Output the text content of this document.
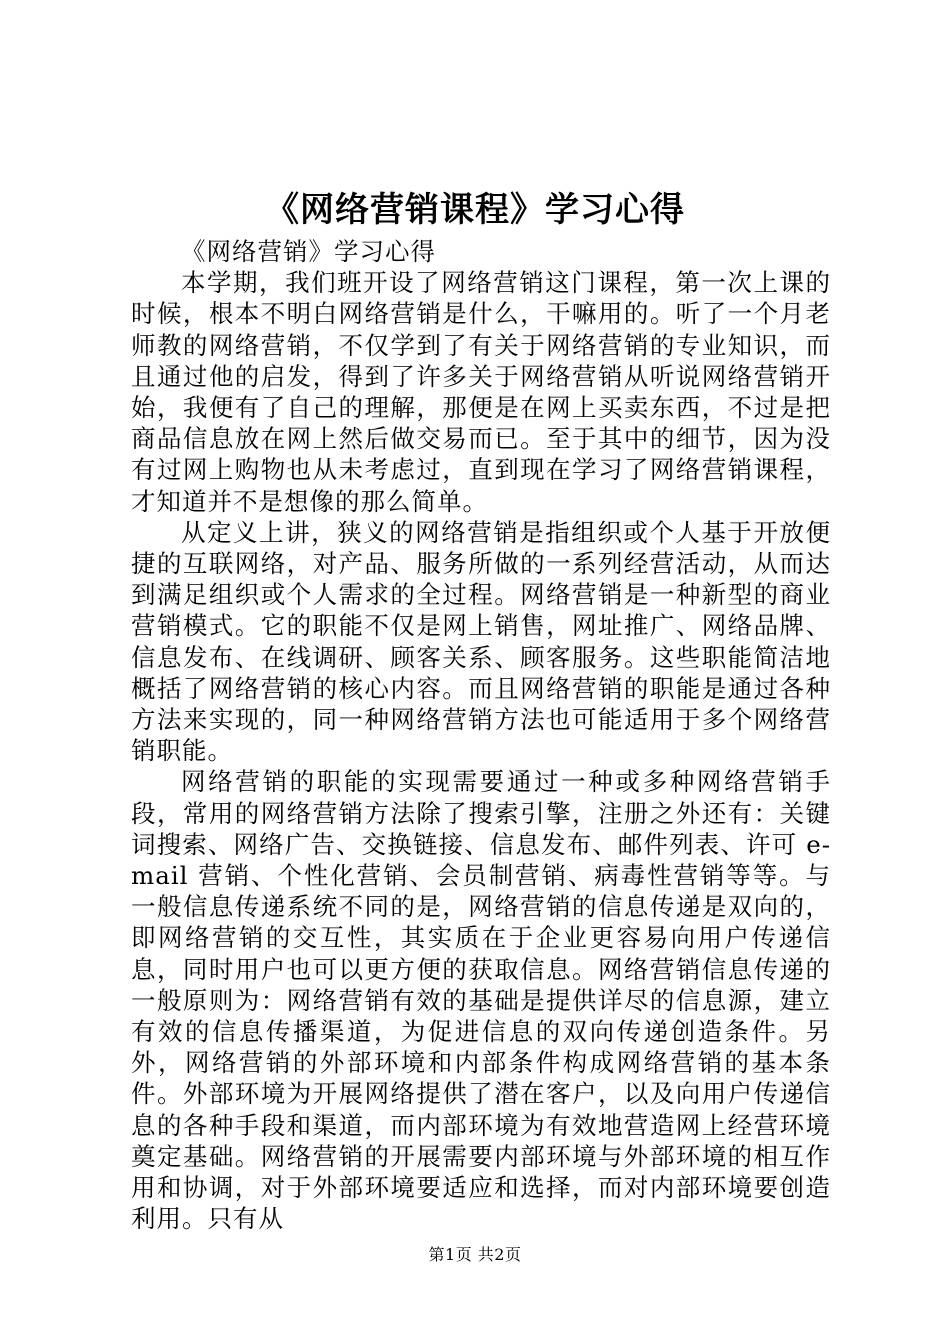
《网络营销课程》学习心得

《网络营销》学习心得

本学期，我们班开设了网络营销这门课程，第一次上课的时候，根本不明白网络营销是什么，干嘛用的。听了一个月老师教的网络营销，不仅学到了有关于网络营销的专业知识，而且通过他的启发，得到了许多关于网络营销从听说网络营销开始，我便有了自己的理解，那便是在网上买卖东西，不过是把商品信息放在网上然后做交易而已。至于其中的细节，因为没有过网上购物也从未考虑过，直到现在学习了网络营销课程，才知道并不是想像的那么简单。

从定义上讲，狭义的网络营销是指组织或个人基于开放便捷的互联网络，对产品、服务所做的一系列经营活动，从而达到满足组织或个人需求的全过程。网络营销是一种新型的商业营销模式。它的职能不仅是网上销售，网址推广、网络品牌、信息发布、在线调研、顾客关系、顾客服务。这些职能简洁地概括了网络营销的核心内容。而且网络营销的职能是通过各种方法来实现的，同一种网络营销方法也可能适用于多个网络营销职能。

网络营销的职能的实现需要通过一种或多种网络营销手段，常用的网络营销方法除了搜索引擎，注册之外还有：关键词搜索、网络广告、交换链接、信息发布、邮件列表、许可 e-mail 营销、个性化营销、会员制营销、病毒性营销等等。与一般信息传递系统不同的是，网络营销的信息传递是双向的，即网络营销的交互性，其实质在于企业更容易向用户传递信息，同时用户也可以更方便的获取信息。网络营销信息传递的一般原则为：网络营销有效的基础是提供详尽的信息源，建立有效的信息传播渠道，为促进信息的双向传递创造条件。另外，网络营销的外部环境和内部条件构成网络营销的基本条件。外部环境为开展网络提供了潜在客户，以及向用户传递信息的各种手段和渠道，而内部环境为有效地营造网上经营环境奠定基础。网络营销的开展需要内部环境与外部环境的相互作用和协调，对于外部环境要适应和选择，而对内部环境要创造利用。只有从

第1页 共2页
